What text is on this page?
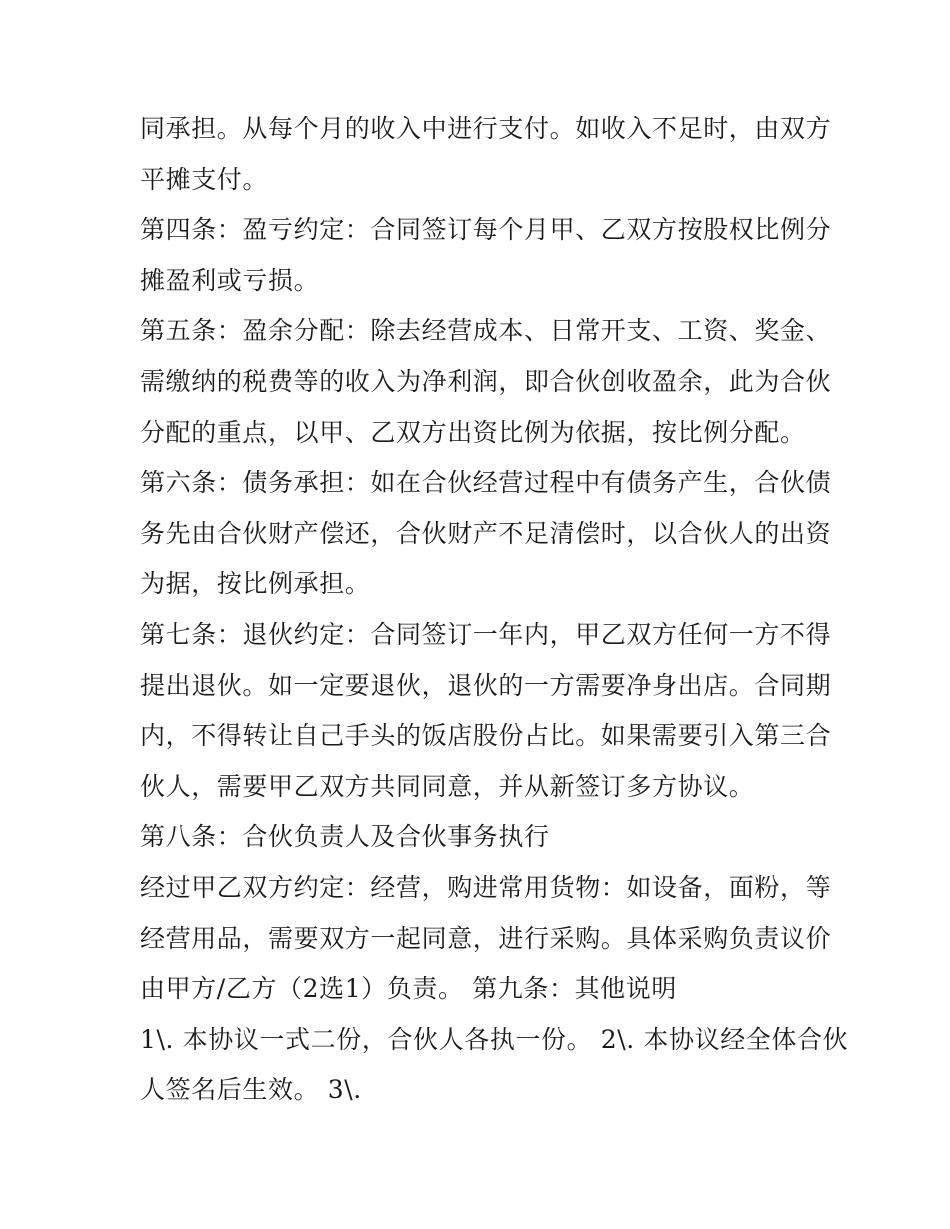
同承担。从每个月的收入中进行支付。如收入不足时，由双方
平摊支付。
第四条：盈亏约定：合同签订每个月甲、乙双方按股权比例分
摊盈利或亏损。
第五条：盈余分配：除去经营成本、日常开支、工资、奖金、
需缴纳的税费等的收入为净利润，即合伙创收盈余，此为合伙
分配的重点，以甲、乙双方出资比例为依据，按比例分配。
第六条：债务承担：如在合伙经营过程中有债务产生，合伙债
务先由合伙财产偿还，合伙财产不足清偿时，以合伙人的出资
为据，按比例承担。
第七条：退伙约定：合同签订一年内，甲乙双方任何一方不得
提出退伙。如一定要退伙，退伙的一方需要净身出店。合同期
内，不得转让自己手头的饭店股份占比。如果需要引入第三合
伙人，需要甲乙双方共同同意，并从新签订多方协议。
第八条：合伙负责人及合伙事务执行
经过甲乙双方约定：经营，购进常用货物：如设备，面粉，等
经营用品，需要双方一起同意，进行采购。具体采购负责议价
由甲方/乙方（2选1）负责。 第九条：其他说明
1\. 本协议一式二份，合伙人各执一份。 2\. 本协议经全体合伙
人签名后生效。 3\.
